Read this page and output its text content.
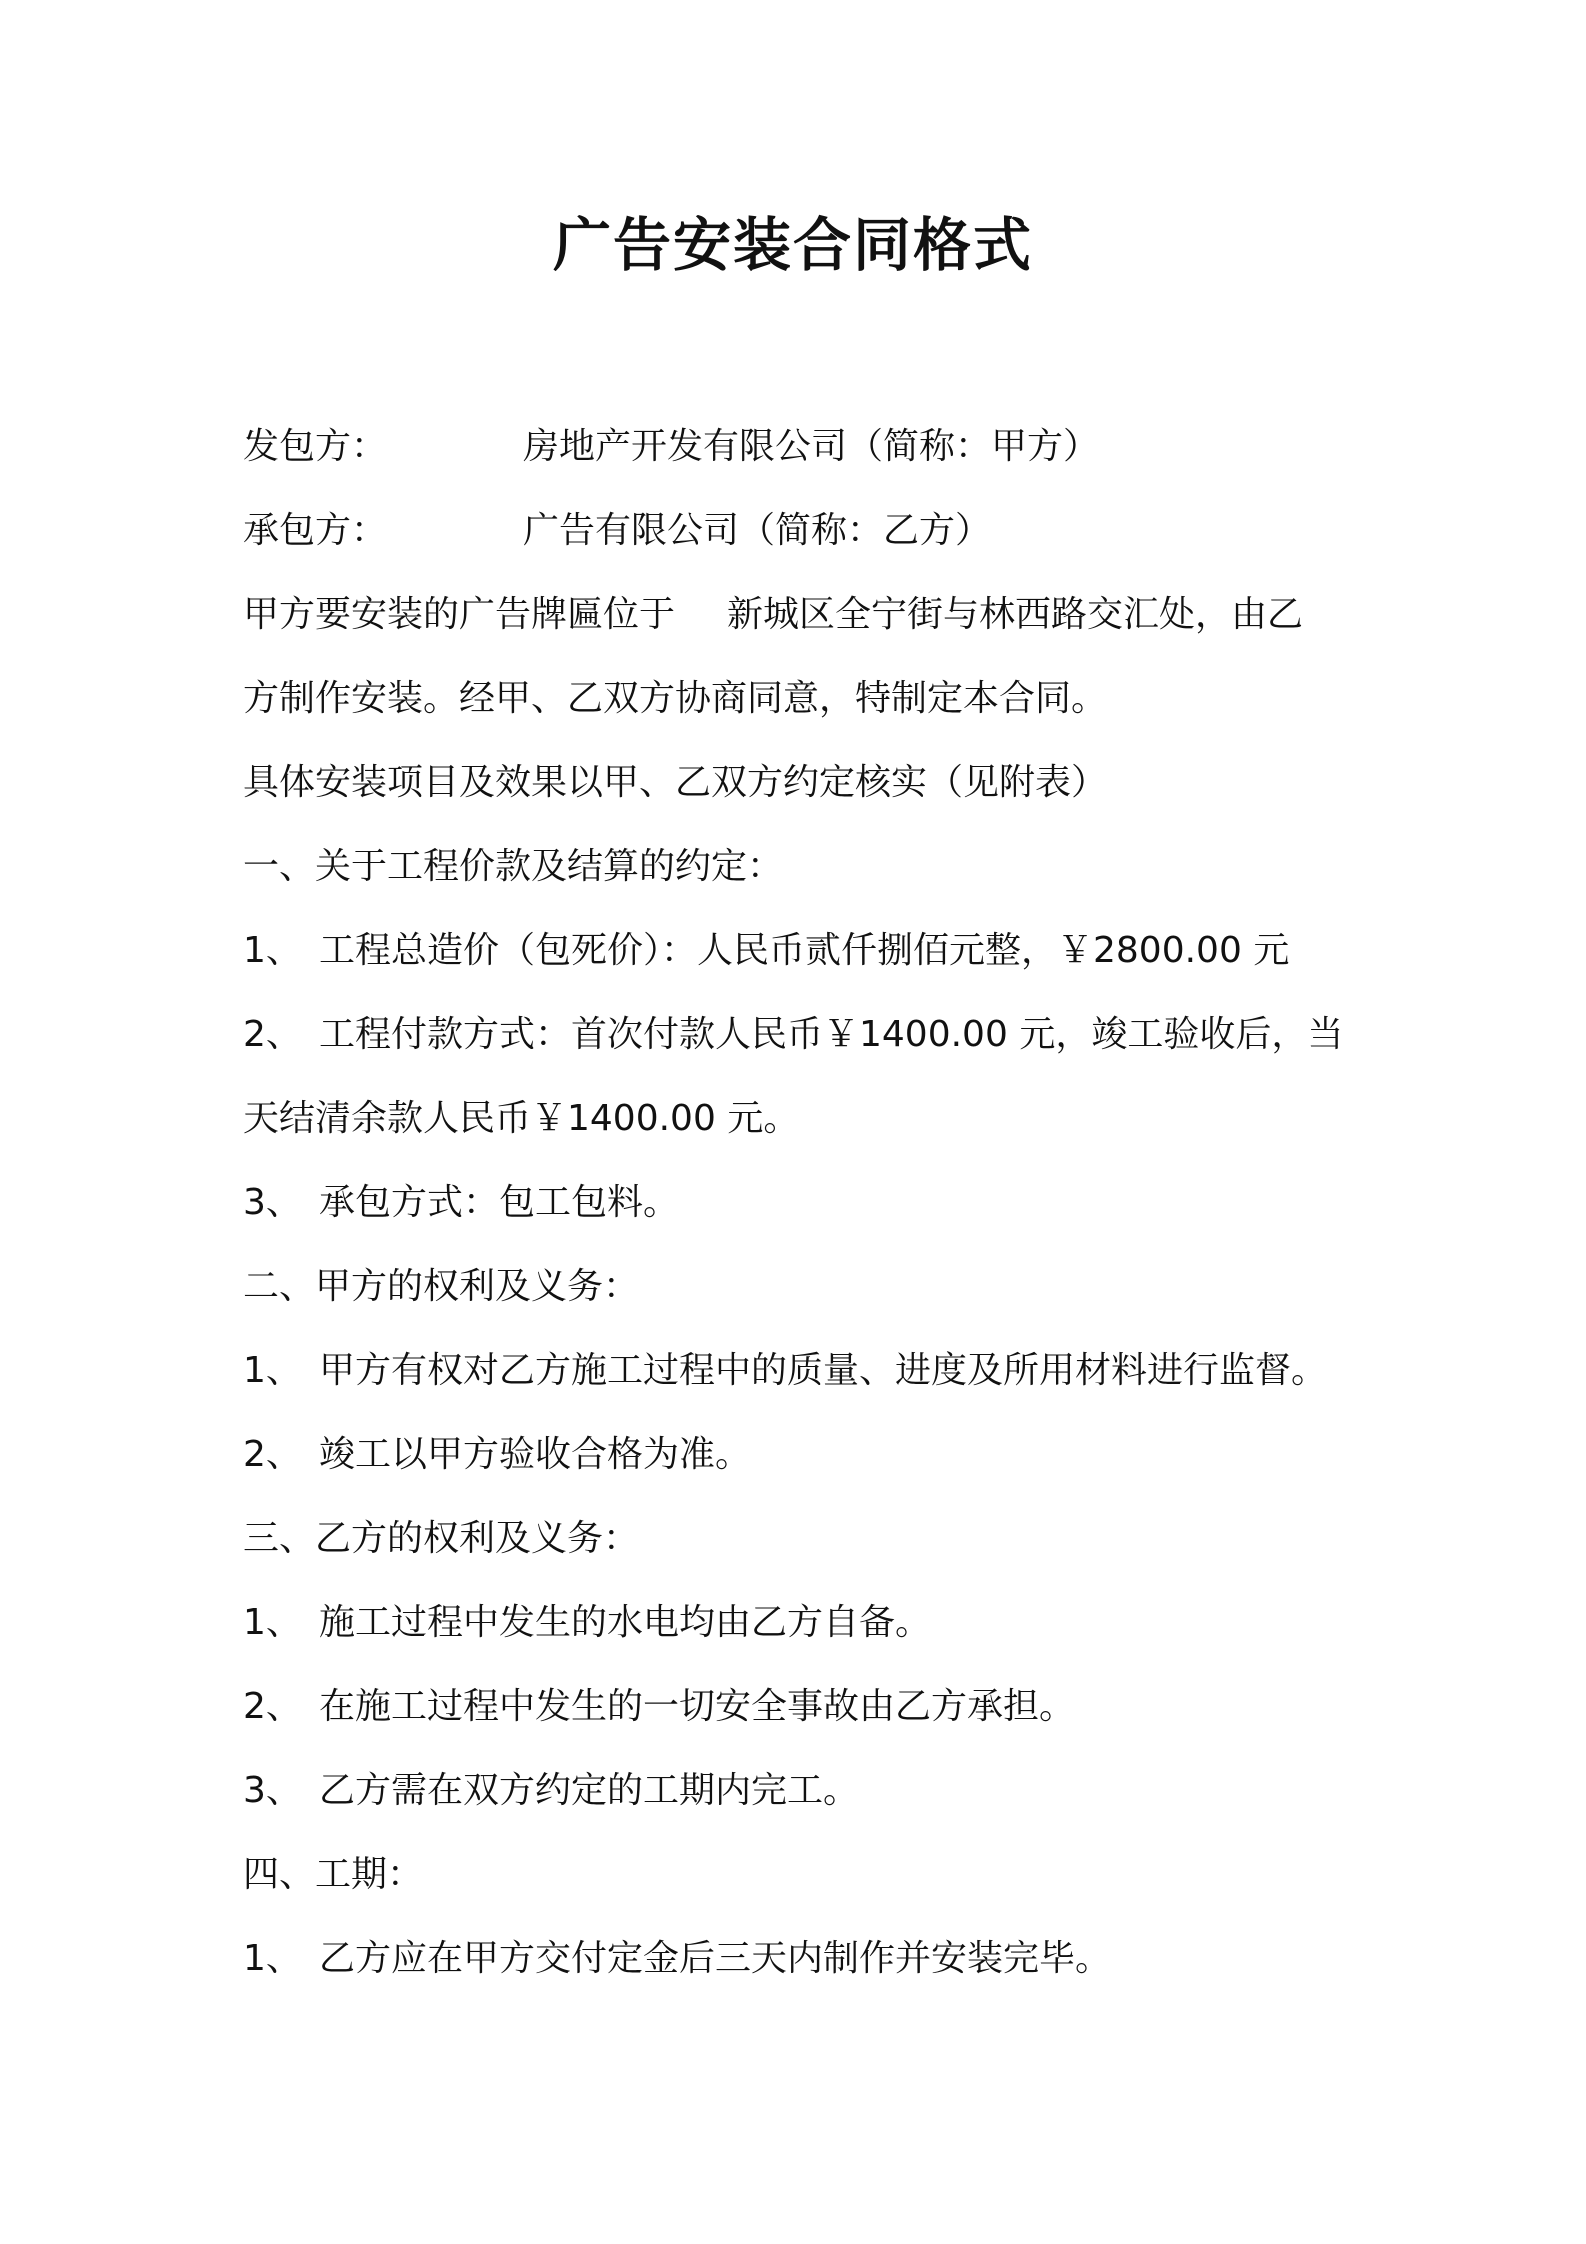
广告安装合同格式
发包方：	房地产开发有限公司（简称：甲方）
承包方：	广告有限公司（简称：乙方）
甲方要安装的广告牌匾位于 新城区全宁街与林西路交汇处，由乙
方制作安装。经甲、乙双方协商同意，特制定本合同。
具体安装项目及效果以甲、乙双方约定核实（见附表）
一、关于工程价款及结算的约定：
1、 工程总造价（包死价）：人民币贰仟捌佰元整，￥2800.00 元
2、 工程付款方式：首次付款人民币￥1400.00 元，竣工验收后，当
天结清余款人民币￥1400.00 元。
3、 承包方式：包工包料。
二、甲方的权利及义务：
1、 甲方有权对乙方施工过程中的质量、进度及所用材料进行监督。
2、 竣工以甲方验收合格为准。
三、乙方的权利及义务：
1、 施工过程中发生的水电均由乙方自备。
2、 在施工过程中发生的一切安全事故由乙方承担。
3、 乙方需在双方约定的工期内完工。
四、工期：
1、 乙方应在甲方交付定金后三天内制作并安装完毕。
